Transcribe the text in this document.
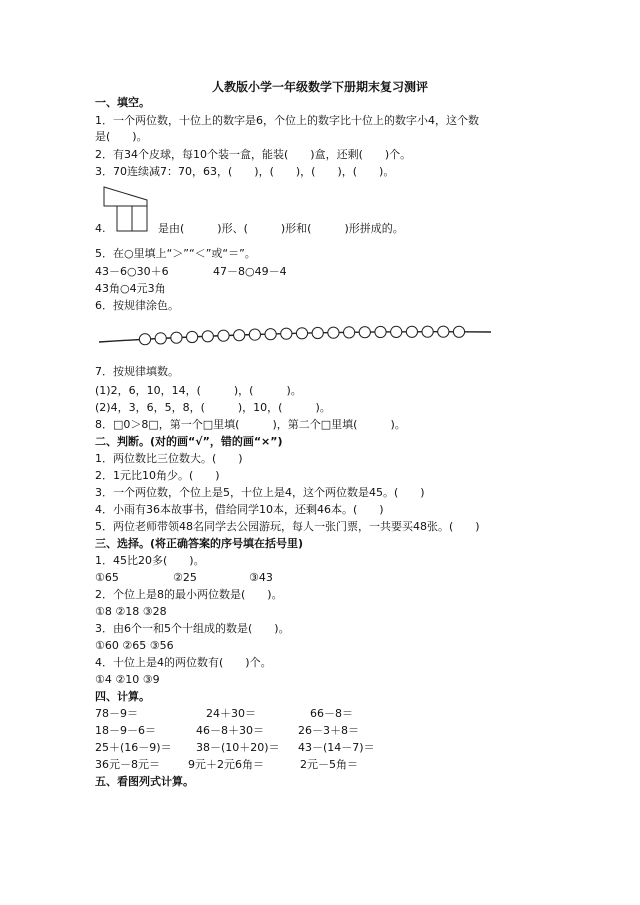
人教版小学一年级数学下册期末复习测评
一、填空。
1．一个两位数，十位上的数字是6，个位上的数字比十位上的数字小4，这个数
是(　　)。
2．有34个皮球，每10个装一盒，能装(　　)盒，还剩(　　)个。
3．70连续减7：70，63，(　　)，(　　)，(　　)，(　　)。
4.	是由(　　　)形、(　　　)形和(　　　)形拼成的。
5．在○里填上“＞”“＜”或“＝”。
43－6○30＋6	47－8○49－4
43角○4元3角
6．按规律涂色。
7．按规律填数。
(1)2，6，10，14，(　　　)，(　　　)。
(2)4，3，6，5，8，(　　　)，10，(　　　)。
8．□0＞8□，第一个□里填(　　　)，第二个□里填(　　　)。
二、判断。(对的画“√”，错的画“×”)
1．两位数比三位数大。(　　)
2．1元比10角少。(　　)
3．一个两位数，个位上是5，十位上是4，这个两位数是45。(　　)
4．小雨有36本故事书，借给同学10本，还剩46本。(　　)
5．两位老师带领48名同学去公园游玩，每人一张门票，一共要买48张。(　　)
三、选择。(将正确答案的序号填在括号里)
1．45比20多(　　)。
①65	②25	③43
2．个位上是8的最小两位数是(　　)。
①8 ②18 ③28
3．由6个一和5个十组成的数是(　　)。
①60 ②65 ③56
4．十位上是4的两位数有(　　)个。
①4 ②10 ③9
四、计算。
78－9＝	24＋30＝	66－8＝
18－9－6＝	46－8＋30＝	26－3＋8＝
25＋(16－9)＝ 38－(10＋20)＝ 43－(14－7)＝
36元－8元＝	9元＋2元6角＝	2元－5角＝
五、看图列式计算。
